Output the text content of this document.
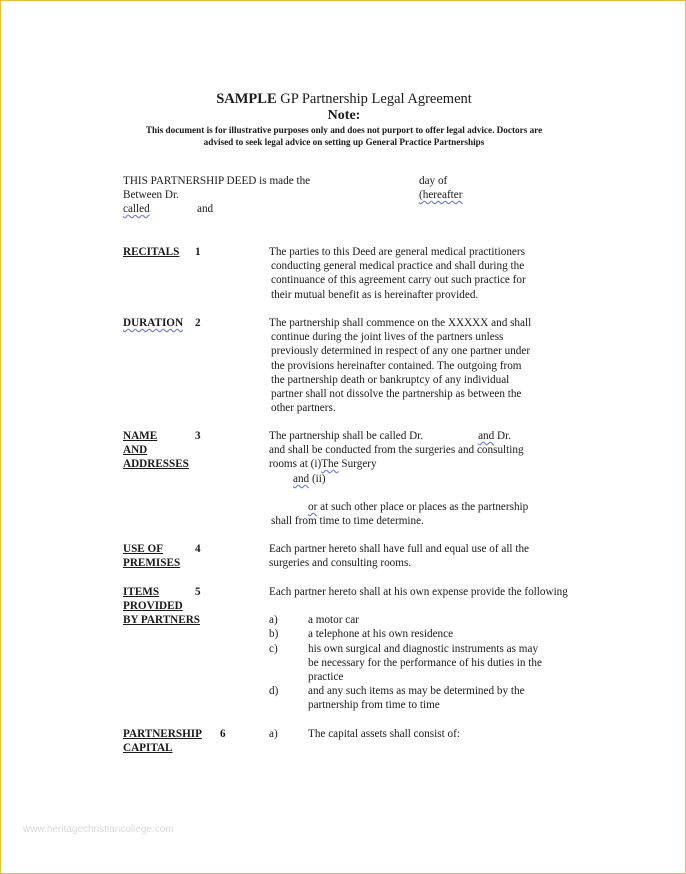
SAMPLE GP Partnership Legal Agreement
Note:
This document is for illustrative purposes only and does not purport to offer legal advice. Doctors are
advised to seek legal advice on setting up General Practice Partnerships
THIS PARTNERSHIP DEED is made the	day of
Between Dr.	(hereafter
called	and
RECITALS 1	The parties to this Deed are general medical practitioners
conducting general medical practice and shall during the
continuance of this agreement carry out such practice for
their mutual benefit as is hereinafter provided.
DURATION 2	The partnership shall commence on the XXXXX and shall
continue during the joint lives of the partners unless
previously determined in respect of any one partner under
the provisions hereinafter contained. The outgoing from
the partnership death or bankruptcy of any individual
partner shall not dissolve the partnership as between the
other partners.
NAME
AND
ADDRESSES
3	The partnership shall be called Dr.	and Dr.
and shall be conducted from the surgeries and consulting
rooms at (i)The Surgery
and (ii)
or at such other place or places as the partnership
shall from time to time determine.
USE OF
PREMISES
4	Each partner hereto shall have full and equal use of all the
surgeries and consulting rooms.
ITEMS
PROVIDED
BY PARTNERS
5	Each partner hereto shall at his own expense provide the following
a)	a motor car
b)	a telephone at his own residence
c)	his own surgical and diagnostic instruments as may
be necessary for the performance of his duties in the
practice
d)	and any such items as may be determined by the
partnership from time to time
PARTNERSHIP
CAPITAL
6	a)	The capital assets shall consist of:
www.heritagechristiancollege.com
